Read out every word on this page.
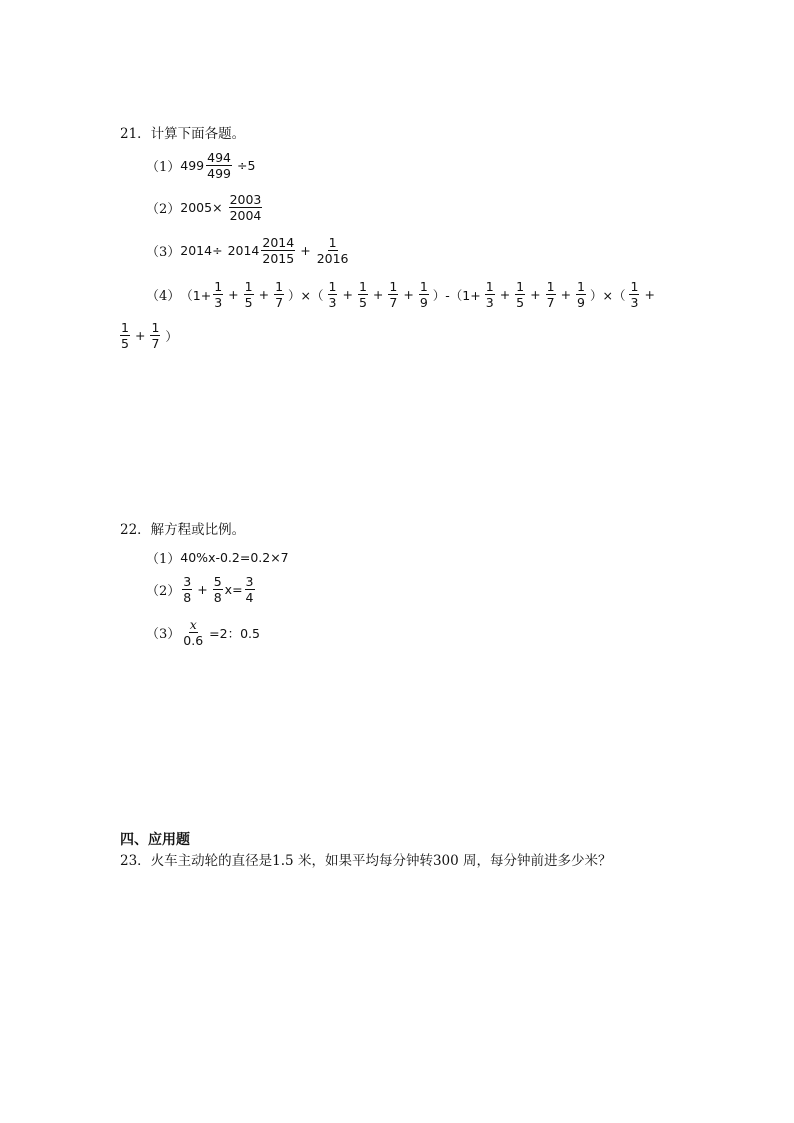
21．计算下面各题。
（1） $499 \frac{494}{499} \div 5$
（2） $2005\times \frac{2003}{2004}$
（3） $2014\div 2014 \frac{2014}{2015} + \frac{1}{2016}$
（4） （$1+ \frac{1}{3} + \frac{1}{5} + \frac{1}{7}$ ）×（ $\frac{1}{3} + \frac{1}{5} + \frac{1}{7} + \frac{1}{9} )-(1+ \frac{1}{3} + \frac{1}{5} + \frac{1}{7} + \frac{1}{9}$ ）×（ $\frac{1}{3}$ +
$\frac{1}{5} + \frac{1}{7}$ ）
22．解方程或比例。
（1） 40%x-0.2=0.2×7
$(2) \frac{3}{8} + \frac{5}{8} x= \frac{3}{4}$
$(3) \frac{x}{0.6} =2$：0.5
四、应用题
23．火车主动轮的直径是1.5 米，如果平均每分钟转300 周，每分钟前进多少米？
